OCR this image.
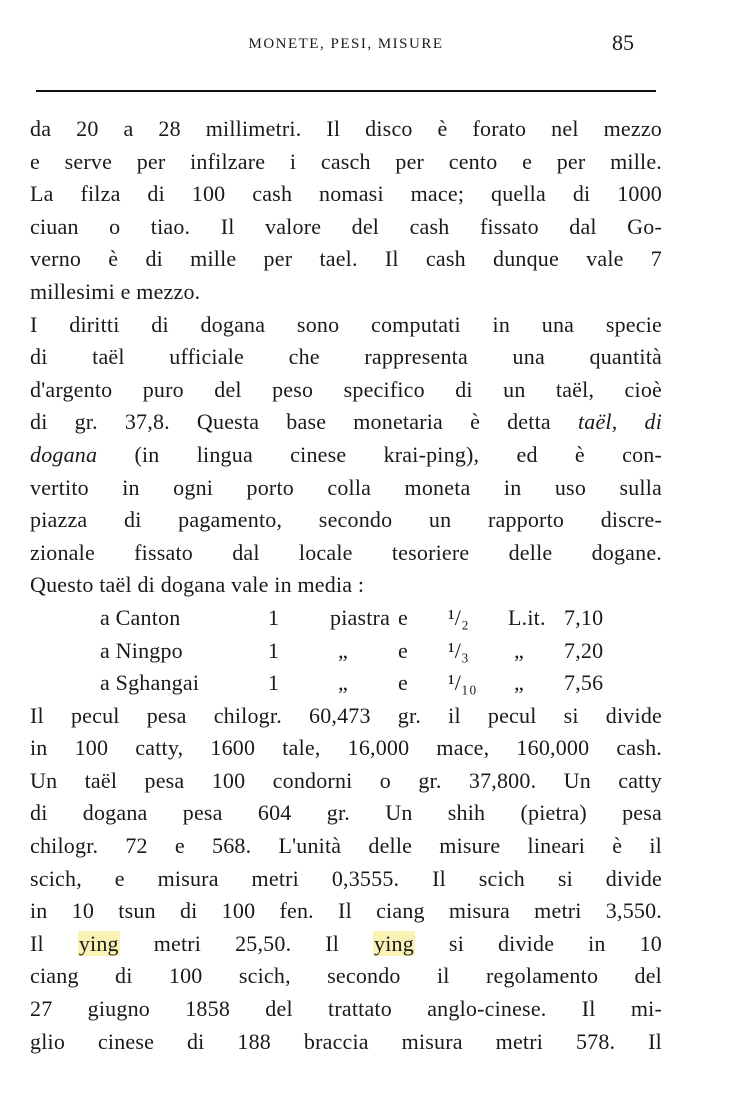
MONETE, PESI, MISURE	85
da 20 a 28 millimetri. Il disco è forato nel mezzo
e serve per infilzare i casch per cento e per mille.
La filza di 100 cash nomasi mace; quella di 1000
ciuan o tiao. Il valore del cash fissato dal Go-
verno è di mille per tael. Il cash dunque vale 7
millesimi e mezzo.
I diritti di dogana sono computati in una specie
di taël ufficiale che rappresenta una quantità
d'argento puro del peso specifico di un taël, cioè
di gr. 37,8. Questa base monetaria è detta taël, di
dogana (in lingua cinese krai-ping), ed è con-
vertito in ogni porto colla moneta in uso sulla
piazza di pagamento, secondo un rapporto discre-
zionale fissato dal locale tesoriere delle dogane.
Questo taël di dogana vale in media :
a Canton	1 piastra e ¹/₂ L.it. 7,10
a Ningpo	1	„ e ¹/₃ „ 7,20
a Sghangai	1	„ e ¹/₁₀ „ 7,56
Il pecul pesa chilogr. 60,473 gr. il pecul si divide
in 100 catty, 1600 tale, 16,000 mace, 160,000 cash.
Un taël pesa 100 condorni o gr. 37,800. Un catty
di dogana pesa 604 gr. Un shih (pietra) pesa
chilogr. 72 e 568. L'unità delle misure lineari è il
scich, e misura metri 0,3555. Il scich si divide
in 10 tsun di 100 fen. Il ciang misura metri 3,550.
Il ying metri 25,50. Il ying si divide in 10
ciang di 100 scich, secondo il regolamento del
27 giugno 1858 del trattato anglo-cinese. Il mi-
glio cinese di 188 braccia misura metri 578. Il
